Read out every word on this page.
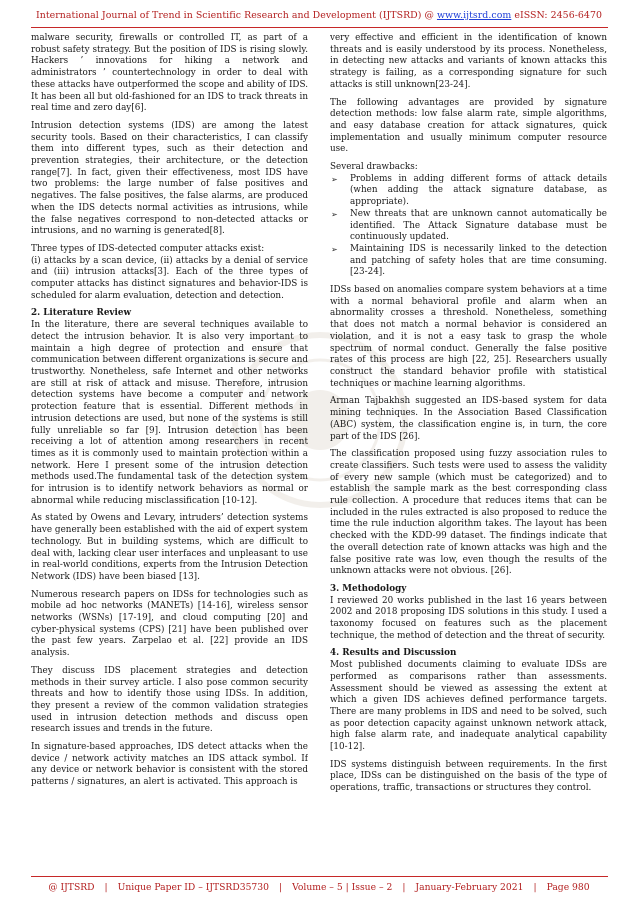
International Journal of Trend in Scientific Research and Development (IJTSRD) @ www.ijtsrd.com eISSN: 2456-6470

malware security, firewalls or controlled IT, as part of a robust safety strategy. But the position of IDS is rising slowly. Hackers ’ innovations for hiking a network and administrators ’ countertechnology in order to deal with these attacks have outperformed the scope and ability of IDS. It has been all but old-fashioned for an IDS to track threats in real time and zero day[6].

Intrusion detection systems (IDS) are among the latest security tools. Based on their characteristics, I can classify them into different types, such as their detection and prevention strategies, their architecture, or the detection range[7]. In fact, given their effectiveness, most IDS have two problems: the large number of false positives and negatives. The false positives, the false alarms, are produced when the IDS detects normal activities as intrusions, while the false negatives correspond to non-detected attacks or intrusions, and no warning is generated[8].

Three types of IDS-detected computer attacks exist:

(i) attacks by a scan device, (ii) attacks by a denial of service and (iii) intrusion attacks[3]. Each of the three types of computer attacks has distinct signatures and behavior-IDS is scheduled for alarm evaluation, detection and detection.

2. Literature Review

In the literature, there are several techniques available to detect the intrusion behavior. It is also very important to maintain a high degree of protection and ensure that communication between different organizations is secure and trustworthy. Nonetheless, safe Internet and other networks are still at risk of attack and misuse. Therefore, intrusion detection systems have become a computer and network protection feature that is essential. Different methods in intrusion detections are used, but none of the systems is still fully unreliable so far [9]. Intrusion detection has been receiving a lot of attention among researchers in recent times as it is commonly used to maintain protection within a network. Here I present some of the intrusion detection methods used.The fundamental task of the detection system for intrusion is to identify network behaviors as normal or abnormal while reducing misclassification [10-12].

As stated by Owens and Levary, intruders’ detection systems have generally been established with the aid of expert system technology. But in building systems, which are difficult to deal with, lacking clear user interfaces and unpleasant to use in real-world conditions, experts from the Intrusion Detection Network (IDS) have been biased [13].

Numerous research papers on IDSs for technologies such as mobile ad hoc networks (MANETs) [14-16], wireless sensor networks (WSNs) [17-19], and cloud computing [20] and cyber-physical systems (CPS) [21] have been published over the past few years. Zarpelao et al. [22] provide an IDS analysis.

They discuss IDS placement strategies and detection methods in their survey article. I also pose common security threats and how to identify those using IDSs. In addition, they present a review of the common validation strategies used in intrusion detection methods and discuss open research issues and trends in the future.

In signature-based approaches, IDS detect attacks when the device / network activity matches an IDS attack symbol. If any device or network behavior is consistent with the stored patterns / signatures, an alert is activated. This approach is

very effective and efficient in the identification of known threats and is easily understood by its process. Nonetheless, in detecting new attacks and variants of known attacks this strategy is failing, as a corresponding signature for such attacks is still unknown[23-24].

The following advantages are provided by signature detection methods: low false alarm rate, simple algorithms, and easy database creation for attack signatures, quick implementation and usually minimum computer resource use.

Several drawbacks:

➢ Problems in adding different forms of attack details (when adding the attack signature database, as appropriate).
➢ New threats that are unknown cannot automatically be identified. The Attack Signature database must be continuously updated.
➢ Maintaining IDS is necessarily linked to the detection and patching of safety holes that are time consuming. [23-24].

IDSs based on anomalies compare system behaviors at a time with a normal behavioral profile and alarm when an abnormality crosses a threshold. Nonetheless, something that does not match a normal behavior is considered an violation, and it is not a easy task to grasp the whole spectrum of normal conduct. Generally the false positive rates of this process are high [22, 25]. Researchers usually construct the standard behavior profile with statistical techniques or machine learning algorithms.

Arman Tajbakhsh suggested an IDS-based system for data mining techniques. In the Association Based Classification (ABC) system, the classification engine is, in turn, the core part of the IDS [26].

The classification proposed using fuzzy association rules to create classifiers. Such tests were used to assess the validity of every new sample (which must be categorized) and to establish the sample mark as the best corresponding class rule collection. A procedure that reduces items that can be included in the rules extracted is also proposed to reduce the time the rule induction algorithm takes. The layout has been checked with the KDD-99 dataset. The findings indicate that the overall detection rate of known attacks was high and the false positive rate was low, even though the results of the unknown attacks were not obvious. [26].

3. Methodology

I reviewed 20 works published in the last 16 years between 2002 and 2018 proposing IDS solutions in this study. I used a taxonomy focused on features such as the placement technique, the method of detection and the threat of security.

4. Results and Discussion

Most published documents claiming to evaluate IDSs are performed as comparisons rather than assessments. Assessment should be viewed as assessing the extent at which a given IDS achieves defined performance targets. There are many problems in IDS and need to be solved, such as poor detection capacity against unknown network attack, high false alarm rate, and inadequate analytical capability [10-12].

IDS systems distinguish between requirements. In the first place, IDSs can be distinguished on the basis of the type of operations, traffic, transactions or structures they control.

@ IJTSRD | Unique Paper ID – IJTSRD35730 | Volume – 5 | Issue – 2 | January-February 2021 | Page 980
